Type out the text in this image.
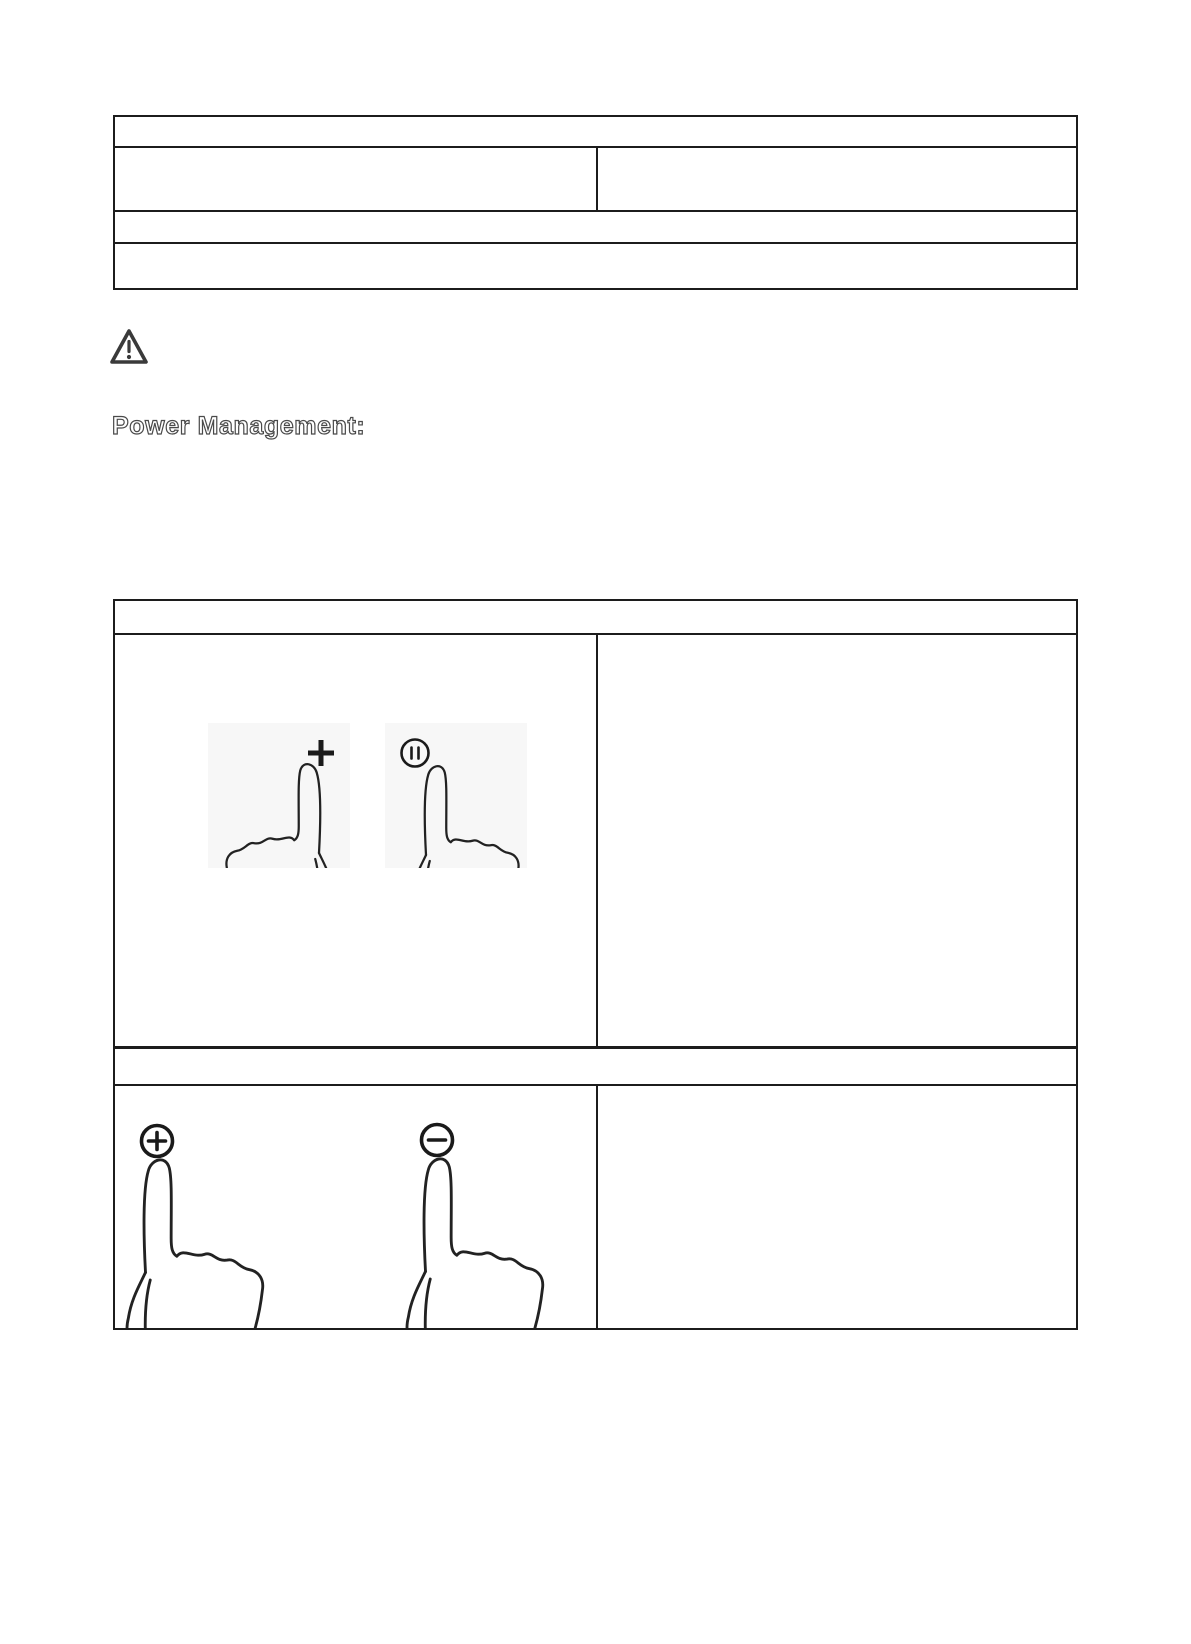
Power Management:
